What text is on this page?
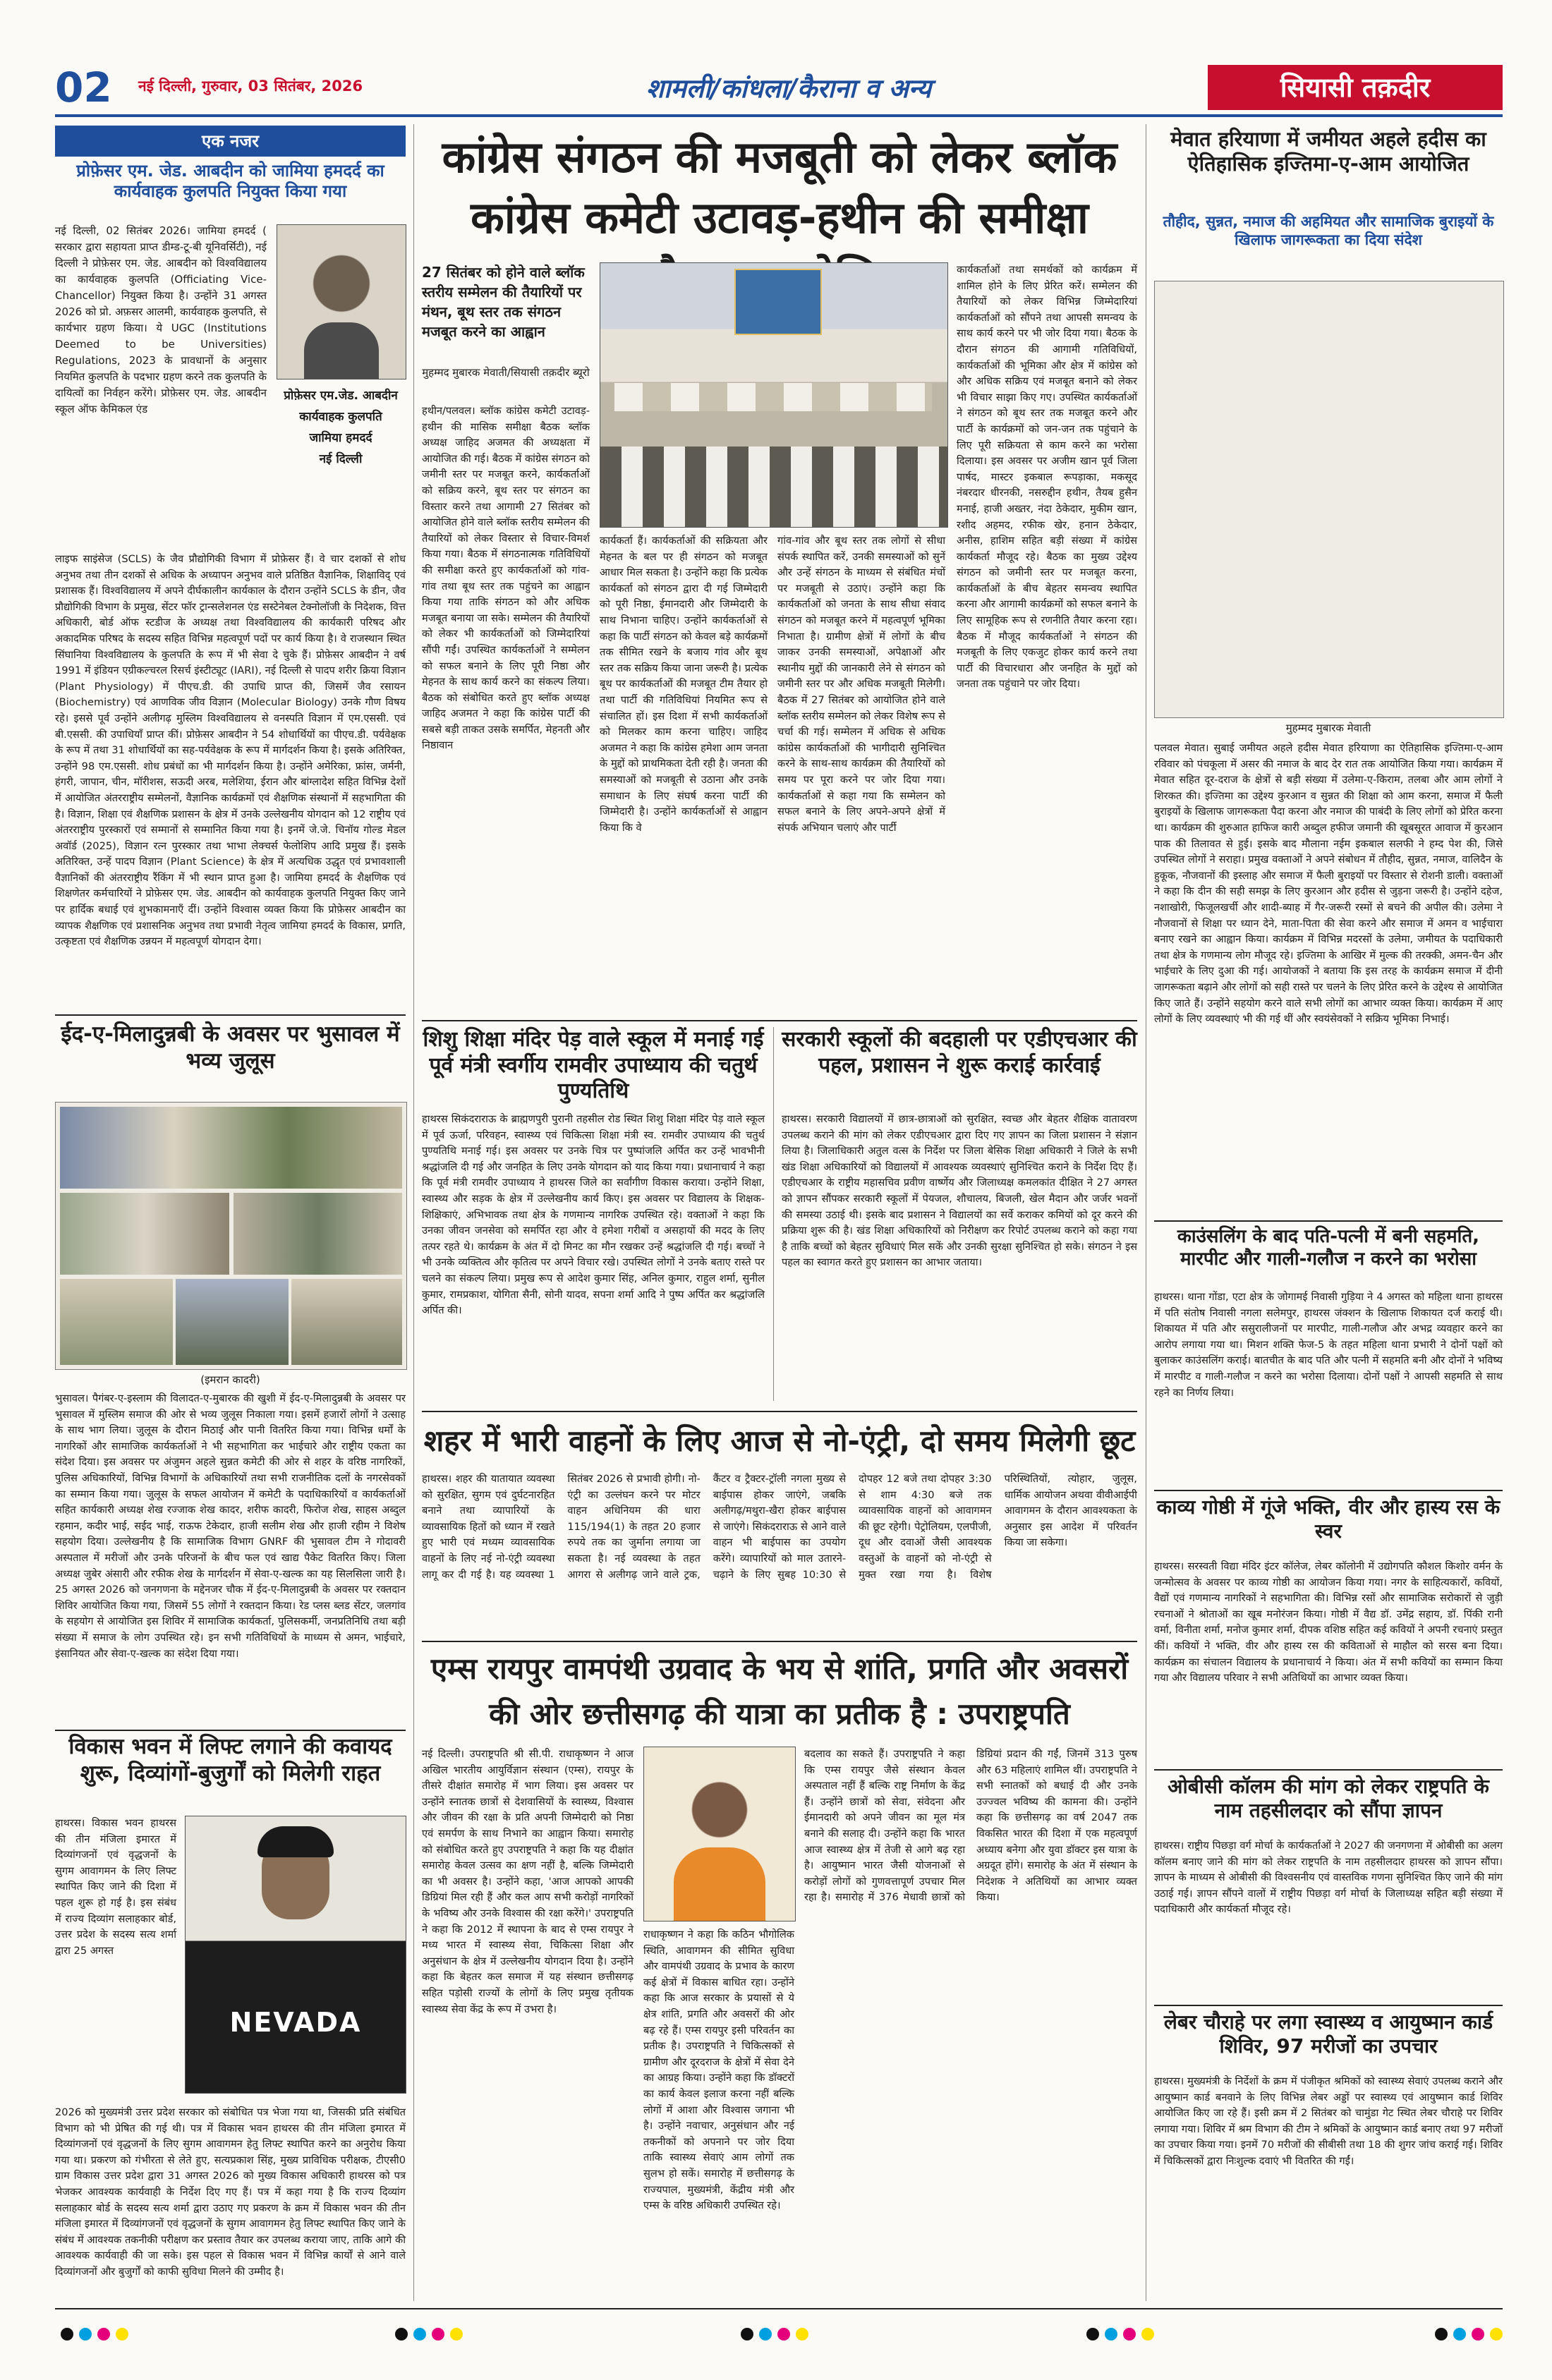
02 नई दिल्ली, गुरुवार, 03 सितंबर, 2026	शामली/कांधला/कैराना व अन्य	सियासी तक़दीर
एक नजर
प्रोफ़ेसर एम. जेड. आबदीन को जामिया हमदर्द का कार्यवाहक कुलपति नियुक्त किया गया
नई दिल्ली, 02 सितंबर 2026। जामिया हमदर्द ( सरकार द्वारा सहायता प्राप्त डीम्ड-टू-बी यूनिवर्सिटी), नई दिल्ली ने प्रोफ़ेसर एम. जेड. आबदीन को विश्वविद्यालय का कार्यवाहक कुलपति (Officiating Vice-Chancellor) नियुक्त किया है। उन्होंने 31 अगस्त 2026 को प्रो. अफ़सर आलमी, कार्यवाहक कुलपति, से कार्यभार ग्रहण किया। ये UGC (Institutions Deemed to be Universities) Regulations, 2023 के प्रावधानों के अनुसार नियमित कुलपति के पदभार ग्रहण करने तक कुलपति के दायित्वों का निर्वहन करेंगे। प्रोफ़ेसर एम. जेड. आबदीन स्कूल ऑफ केमिकल एंड
प्रोफ़ेसर एम.जेड. आबदीन
कार्यवाहक कुलपति
जामिया हमदर्द
नई दिल्ली
लाइफ साइंसेज (SCLS) के जैव प्रौद्योगिकी विभाग में प्रोफ़ेसर हैं। वे चार दशकों से शोध अनुभव तथा तीन दशकों से अधिक के अध्यापन अनुभव वाले प्रतिष्ठित वैज्ञानिक, शिक्षाविद् एवं प्रशासक हैं। विश्वविद्यालय में अपने दीर्घकालीन कार्यकाल के दौरान उन्होंने SCLS के डीन, जैव प्रौद्योगिकी विभाग के प्रमुख, सेंटर फॉर ट्रान्सलेशनल एंड सस्टेनेबल टेक्नोलॉजी के निदेशक, वित्त अधिकारी, बोर्ड ऑफ स्टडीज के अध्यक्ष तथा विश्वविद्यालय की कार्यकारी परिषद और अकादमिक परिषद के सदस्य सहित विभिन्न महत्वपूर्ण पदों पर कार्य किया है। वे राजस्थान स्थित सिंघानिया विश्वविद्यालय के कुलपति के रूप में भी सेवा दे चुके हैं। प्रोफ़ेसर आबदीन ने वर्ष 1991 में इंडियन एग्रीकल्चरल रिसर्च इंस्टीट्यूट (IARI), नई दिल्ली से पादप शरीर क्रिया विज्ञान (Plant Physiology) में पीएच.डी. की उपाधि प्राप्त की, जिसमें जैव रसायन (Biochemistry) एवं आणविक जीव विज्ञान (Molecular Biology) उनके गौण विषय रहे। इससे पूर्व उन्होंने अलीगढ़ मुस्लिम विश्वविद्यालय से वनस्पति विज्ञान में एम.एससी. एवं बी.एससी. की उपाधियाँ प्राप्त कीं। प्रोफ़ेसर आबदीन ने 54 शोधार्थियों का पीएच.डी. पर्यवेक्षक के रूप में तथा 31 शोधार्थियों का सह-पर्यवेक्षक के रूप में मार्गदर्शन किया है। इसके अतिरिक्त, उन्होंने 98 एम.एससी. शोध प्रबंधों का भी मार्गदर्शन किया है। उन्होंने अमेरिका, फ्रांस, जर्मनी, हंगरी, जापान, चीन, मॉरीशस, सऊदी अरब, मलेशिया, ईरान और बांग्लादेश सहित विभिन्न देशों में आयोजित अंतरराष्ट्रीय सम्मेलनों, वैज्ञानिक कार्यक्रमों एवं शैक्षणिक संस्थानों में सहभागिता की है। विज्ञान, शिक्षा एवं शैक्षणिक प्रशासन के क्षेत्र में उनके उल्लेखनीय योगदान को 12 राष्ट्रीय एवं अंतरराष्ट्रीय पुरस्कारों एवं सम्मानों से सम्मानित किया गया है। इनमें जे.जे. चिनॉय गोल्ड मेडल अवॉर्ड (2025), विज्ञान रत्न पुरस्कार तथा भाभा लेक्चर्स फेलोशिप आदि प्रमुख हैं। इसके अतिरिक्त, उन्हें पादप विज्ञान (Plant Science) के क्षेत्र में अत्यधिक उद्धृत एवं प्रभावशाली वैज्ञानिकों की अंतरराष्ट्रीय रैंकिंग में भी स्थान प्राप्त हुआ है। जामिया हमदर्द के शैक्षणिक एवं शिक्षणेतर कर्मचारियों ने प्रोफ़ेसर एम. जेड. आबदीन को कार्यवाहक कुलपति नियुक्त किए जाने पर हार्दिक बधाई एवं शुभकामनाएँ दीं। उन्होंने विश्वास व्यक्त किया कि प्रोफ़ेसर आबदीन का व्यापक शैक्षणिक एवं प्रशासनिक अनुभव तथा प्रभावी नेतृत्व जामिया हमदर्द के विकास, प्रगति, उत्कृष्टता एवं शैक्षणिक उन्नयन में महत्वपूर्ण योगदान देगा।
ईद-ए-मिलादुन्नबी के अवसर पर भुसावल में भव्य जुलूस
(इमरान कादरी)
भुसावल। पैगंबर-ए-इस्लाम की विलादत-ए-मुबारक की खुशी में ईद-ए-मिलादुन्नबी के अवसर पर भुसावल में मुस्लिम समाज की ओर से भव्य जुलूस निकाला गया। इसमें हजारों लोगों ने उत्साह के साथ भाग लिया। जुलूस के दौरान मिठाई और पानी वितरित किया गया। विभिन्न धर्मों के नागरिकों और सामाजिक कार्यकर्ताओं ने भी सहभागिता कर भाईचारे और राष्ट्रीय एकता का संदेश दिया। इस अवसर पर अंजुमन अहले सुन्नत कमेटी की ओर से शहर के वरिष्ठ नागरिकों, पुलिस अधिकारियों, विभिन्न विभागों के अधिकारियों तथा सभी राजनीतिक दलों के नगरसेवकों का सम्मान किया गया। जुलूस के सफल आयोजन में कमेटी के पदाधिकारियों व कार्यकर्ताओं सहित कार्यकारी अध्यक्ष शेख रज्जाक शेख कादर, शरीफ कादरी, फिरोज शेख, साहस अब्दुल रहमान, कदीर भाई, सईद भाई, राऊफ टेकेदार, हाजी सलीम शेख और हाजी रहीम ने विशेष सहयोग दिया। उल्लेखनीय है कि सामाजिक विभाग GNRF की भुसावल टीम ने गोदावरी अस्पताल में मरीजों और उनके परिजनों के बीच फल एवं खाद्य पैकेट वितरित किए। जिला अध्यक्ष जुबेर अंसारी और रफीक शेख के मार्गदर्शन में सेवा-ए-खल्क का यह सिलसिला जारी है। 25 अगस्त 2026 को जनगणना के मद्देनजर चौक में ईद-ए-मिलादुन्नबी के अवसर पर रक्तदान शिविर आयोजित किया गया, जिसमें 55 लोगों ने रक्तदान किया। रेड प्लस ब्लड सेंटर, जलगांव के सहयोग से आयोजित इस शिविर में सामाजिक कार्यकर्ता, पुलिसकर्मी, जनप्रतिनिधि तथा बड़ी संख्या में समाज के लोग उपस्थित रहे। इन सभी गतिविधियों के माध्यम से अमन, भाईचारे, इंसानियत और सेवा-ए-खल्क का संदेश दिया गया।
विकास भवन में लिफ्ट लगाने की कवायद शुरू, दिव्यांगों-बुजुर्गों को मिलेगी राहत
हाथरस। विकास भवन हाथरस की तीन मंजिला इमारत में दिव्यांगजनों एवं वृद्धजनों के सुगम आवागमन के लिए लिफ्ट स्थापित किए जाने की दिशा में पहल शुरू हो गई है। इस संबंध में राज्य दिव्यांग सलाहकार बोर्ड, उत्तर प्रदेश के सदस्य सत्य शर्मा द्वारा 25 अगस्त
NEVADA
2026 को मुख्यमंत्री उत्तर प्रदेश सरकार को संबोधित पत्र भेजा गया था, जिसकी प्रति संबंधित विभाग को भी प्रेषित की गई थी। पत्र में विकास भवन हाथरस की तीन मंजिला इमारत में दिव्यांगजनों एवं वृद्धजनों के लिए सुगम आवागमन हेतु लिफ्ट स्थापित करने का अनुरोध किया गया था। प्रकरण को गंभीरता से लेते हुए, सत्यप्रकाश सिंह, मुख्य प्राविधिक परीक्षक, टीएसी0 ग्राम विकास उत्तर प्रदेश द्वारा 31 अगस्त 2026 को मुख्य विकास अधिकारी हाथरस को पत्र भेजकर आवश्यक कार्यवाही के निर्देश दिए गए हैं। पत्र में कहा गया है कि राज्य दिव्यांग सलाहकार बोर्ड के सदस्य सत्य शर्मा द्वारा उठाए गए प्रकरण के क्रम में विकास भवन की तीन मंजिला इमारत में दिव्यांगजनों एवं वृद्धजनों के सुगम आवागमन हेतु लिफ्ट स्थापित किए जाने के संबंध में आवश्यक तकनीकी परीक्षण कर प्रस्ताव तैयार कर उपलब्ध कराया जाए, ताकि आगे की आवश्यक कार्यवाही की जा सके। इस पहल से विकास भवन में विभिन्न कार्यों से आने वाले दिव्यांगजनों और बुजुर्गों को काफी सुविधा मिलने की उम्मीद है।
कांग्रेस संगठन की मजबूती को लेकर ब्लॉक कांग्रेस कमेटी उटावड़-हथीन की समीक्षा
27 सितंबर को होने वाले ब्लॉक स्तरीय सम्मेलन की तैयारियों पर मंथन, बूथ स्तर तक संगठन मजबूत करने का आह्वान
मुहम्मद मुबारक मेवाती/सियासी तक़दीर ब्यूरो
हथीन/पलवल। ब्लॉक कांग्रेस कमेटी उटावड़-हथीन की मासिक समीक्षा बैठक ब्लॉक अध्यक्ष जाहिद अजमत की अध्यक्षता में आयोजित की गई। बैठक में कांग्रेस संगठन को जमीनी स्तर पर मजबूत करने, कार्यकर्ताओं को सक्रिय करने, बूथ स्तर पर संगठन का विस्तार करने तथा आगामी 27 सितंबर को आयोजित होने वाले ब्लॉक स्तरीय सम्मेलन की तैयारियों को लेकर विस्तार से विचार-विमर्श किया गया। बैठक में संगठनात्मक गतिविधियों की समीक्षा करते हुए कार्यकर्ताओं को गांव-गांव तथा बूथ स्तर तक पहुंचने का आह्वान किया गया ताकि संगठन को और अधिक मजबूत बनाया जा सके। सम्मेलन की तैयारियों को लेकर भी कार्यकर्ताओं को जिम्मेदारियां सौंपी गईं। उपस्थित कार्यकर्ताओं ने सम्मेलन को सफल बनाने के लिए पूरी निष्ठा और मेहनत के साथ कार्य करने का संकल्प लिया। बैठक को संबोधित करते हुए ब्लॉक अध्यक्ष जाहिद अजमत ने कहा कि कांग्रेस पार्टी की सबसे बड़ी ताकत उसके समर्पित, मेहनती और निष्ठावान
कार्यकर्ता हैं। कार्यकर्ताओं की सक्रियता और मेहनत के बल पर ही संगठन को मजबूत आधार मिल सकता है। उन्होंने कहा कि प्रत्येक कार्यकर्ता को संगठन द्वारा दी गई जिम्मेदारी को पूरी निष्ठा, ईमानदारी और जिम्मेदारी के साथ निभाना चाहिए। उन्होंने कार्यकर्ताओं से कहा कि पार्टी संगठन को केवल बड़े कार्यक्रमों तक सीमित रखने के बजाय गांव और बूथ स्तर तक सक्रिय किया जाना जरूरी है। प्रत्येक बूथ पर कार्यकर्ताओं की मजबूत टीम तैयार हो तथा पार्टी की गतिविधियां नियमित रूप से संचालित हों। इस दिशा में सभी कार्यकर्ताओं को मिलकर काम करना चाहिए। जाहिद अजमत ने कहा कि कांग्रेस हमेशा आम जनता के मुद्दों को प्राथमिकता देती रही है। जनता की समस्याओं को मजबूती से उठाना और उनके समाधान के लिए संघर्ष करना पार्टी की जिम्मेदारी है। उन्होंने कार्यकर्ताओं से आह्वान किया कि वे
गांव-गांव और बूथ स्तर तक लोगों से सीधा संपर्क स्थापित करें, उनकी समस्याओं को सुनें और उन्हें संगठन के माध्यम से संबंधित मंचों पर मजबूती से उठाएं। उन्होंने कहा कि कार्यकर्ताओं को जनता के साथ सीधा संवाद संगठन को मजबूत करने में महत्वपूर्ण भूमिका निभाता है। ग्रामीण क्षेत्रों में लोगों के बीच जाकर उनकी समस्याओं, अपेक्षाओं और स्थानीय मुद्दों की जानकारी लेने से संगठन को जमीनी स्तर पर और अधिक मजबूती मिलेगी। बैठक में 27 सितंबर को आयोजित होने वाले ब्लॉक स्तरीय सम्मेलन को लेकर विशेष रूप से चर्चा की गई। सम्मेलन में अधिक से अधिक कांग्रेस कार्यकर्ताओं की भागीदारी सुनिश्चित करने के साथ-साथ कार्यक्रम की तैयारियों को समय पर पूरा करने पर जोर दिया गया। कार्यकर्ताओं से कहा गया कि सम्मेलन को सफल बनाने के लिए अपने-अपने क्षेत्रों में संपर्क अभियान चलाएं और पार्टी
कार्यकर्ताओं तथा समर्थकों को कार्यक्रम में शामिल होने के लिए प्रेरित करें। सम्मेलन की तैयारियों को लेकर विभिन्न जिम्मेदारियां कार्यकर्ताओं को सौंपने तथा आपसी समन्वय के साथ कार्य करने पर भी जोर दिया गया। बैठक के दौरान संगठन की आगामी गतिविधियों, कार्यकर्ताओं की भूमिका और क्षेत्र में कांग्रेस को और अधिक सक्रिय एवं मजबूत बनाने को लेकर भी विचार साझा किए गए। उपस्थित कार्यकर्ताओं ने संगठन को बूथ स्तर तक मजबूत करने और पार्टी के कार्यक्रमों को जन-जन तक पहुंचाने के लिए पूरी सक्रियता से काम करने का भरोसा दिलाया। इस अवसर पर अजीम खान पूर्व जिला पार्षद, मास्टर इकबाल रूपड़ाका, मकसूद नंबरदार धीरनकी, नसरुद्दीन हथीन, तैयब हुसैन मनाई, हाजी अख्तर, नंदा ठेकेदार, मुकीम खान, रशीद अहमद, रफीक खेर, हनान ठेकेदार, अनीस, हाशिम सहित बड़ी संख्या में कांग्रेस कार्यकर्ता मौजूद रहे। बैठक का मुख्य उद्देश्य संगठन को जमीनी स्तर पर मजबूत करना, कार्यकर्ताओं के बीच बेहतर समन्वय स्थापित करना और आगामी कार्यक्रमों को सफल बनाने के लिए सामूहिक रूप से रणनीति तैयार करना रहा। बैठक में मौजूद कार्यकर्ताओं ने संगठन की मजबूती के लिए एकजुट होकर कार्य करने तथा पार्टी की विचारधारा और जनहित के मुद्दों को जनता तक पहुंचाने पर जोर दिया।
शिशु शिक्षा मंदिर पेड़ वाले स्कूल में मनाई गई पूर्व मंत्री स्वर्गीय रामवीर उपाध्याय की चतुर्थ पुण्यतिथि
हाथरस सिकंदराराऊ के ब्राह्मणपुरी पुरानी तहसील रोड स्थित शिशु शिक्षा मंदिर पेड़ वाले स्कूल में पूर्व ऊर्जा, परिवहन, स्वास्थ्य एवं चिकित्सा शिक्षा मंत्री स्व. रामवीर उपाध्याय की चतुर्थ पुण्यतिथि मनाई गई। इस अवसर पर उनके चित्र पर पुष्पांजलि अर्पित कर उन्हें भावभीनी श्रद्धांजलि दी गई और जनहित के लिए उनके योगदान को याद किया गया। प्रधानाचार्य ने कहा कि पूर्व मंत्री रामवीर उपाध्याय ने हाथरस जिले का सर्वांगीण विकास कराया। उन्होंने शिक्षा, स्वास्थ्य और सड़क के क्षेत्र में उल्लेखनीय कार्य किए। इस अवसर पर विद्यालय के शिक्षक-शिक्षिकाएं, अभिभावक तथा क्षेत्र के गणमान्य नागरिक उपस्थित रहे। वक्ताओं ने कहा कि उनका जीवन जनसेवा को समर्पित रहा और वे हमेशा गरीबों व असहायों की मदद के लिए तत्पर रहते थे। कार्यक्रम के अंत में दो मिनट का मौन रखकर उन्हें श्रद्धांजलि दी गई। बच्चों ने भी उनके व्यक्तित्व और कृतित्व पर अपने विचार रखे। उपस्थित लोगों ने उनके बताए रास्ते पर चलने का संकल्प लिया। प्रमुख रूप से आदेश कुमार सिंह, अनिल कुमार, राहुल शर्मा, सुनील कुमार, रामप्रकाश, योगिता सैनी, सोनी यादव, सपना शर्मा आदि ने पुष्प अर्पित कर श्रद्धांजलि अर्पित की।
सरकारी स्कूलों की बदहाली पर एडीएचआर की पहल, प्रशासन ने शुरू कराई कार्रवाई
हाथरस। सरकारी विद्यालयों में छात्र-छात्राओं को सुरक्षित, स्वच्छ और बेहतर शैक्षिक वातावरण उपलब्ध कराने की मांग को लेकर एडीएचआर द्वारा दिए गए ज्ञापन का जिला प्रशासन ने संज्ञान लिया है। जिलाधिकारी अतुल वत्स के निर्देश पर जिला बेसिक शिक्षा अधिकारी ने जिले के सभी खंड शिक्षा अधिकारियों को विद्यालयों में आवश्यक व्यवस्थाएं सुनिश्चित कराने के निर्देश दिए हैं। एडीएचआर के राष्ट्रीय महासचिव प्रवीण वार्ष्णेय और जिलाध्यक्ष कमलकांत दीक्षित ने 27 अगस्त को ज्ञापन सौंपकर सरकारी स्कूलों में पेयजल, शौचालय, बिजली, खेल मैदान और जर्जर भवनों की समस्या उठाई थी। इसके बाद प्रशासन ने विद्यालयों का सर्वे कराकर कमियों को दूर करने की प्रक्रिया शुरू की है। खंड शिक्षा अधिकारियों को निरीक्षण कर रिपोर्ट उपलब्ध कराने को कहा गया है ताकि बच्चों को बेहतर सुविधाएं मिल सकें और उनकी सुरक्षा सुनिश्चित हो सके। संगठन ने इस पहल का स्वागत करते हुए प्रशासन का आभार जताया।
शहर में भारी वाहनों के लिए आज से नो-एंट्री, दो समय मिलेगी छूट
हाथरस। शहर की यातायात व्यवस्था को सुरक्षित, सुगम एवं दुर्घटनारहित बनाने तथा व्यापारियों के व्यावसायिक हितों को ध्यान में रखते हुए भारी एवं मध्यम व्यावसायिक वाहनों के लिए नई नो-एंट्री व्यवस्था लागू कर दी गई है। यह व्यवस्था 1 सितंबर 2026 से प्रभावी होगी। नो-एंट्री का उल्लंघन करने पर मोटर वाहन अधिनियम की धारा 115/194(1) के तहत 20 हजार रुपये तक का जुर्माना लगाया जा सकता है। नई व्यवस्था के तहत आगरा से अलीगढ़ जाने वाले ट्रक, कैंटर व ट्रैक्टर-ट्रॉली नगला मुख्य से बाईपास होकर जाएंगे, जबकि अलीगढ़/मथुरा-खैरा होकर बाईपास से जाएंगे। सिकंदराराऊ से आने वाले वाहन भी बाईपास का उपयोग करेंगे। व्यापारियों को माल उतारने-चढ़ाने के लिए सुबह 10:30 से दोपहर 12 बजे तथा दोपहर 3:30 से शाम 4:30 बजे तक व्यावसायिक वाहनों को आवागमन की छूट रहेगी। पेट्रोलियम, एलपीजी, दूध और दवाओं जैसी आवश्यक वस्तुओं के वाहनों को नो-एंट्री से मुक्त रखा गया है। विशेष परिस्थितियों, त्योहार, जुलूस, धार्मिक आयोजन अथवा वीवीआईपी आवागमन के दौरान आवश्यकता के अनुसार इस आदेश में परिवर्तन किया जा सकेगा।
एम्स रायपुर वामपंथी उग्रवाद के भय से शांति, प्रगति और अवसरों की ओर छत्तीसगढ़ की यात्रा का प्रतीक है : उपराष्ट्रपति
नई दिल्ली। उपराष्ट्रपति श्री सी.पी. राधाकृष्णन ने आज अखिल भारतीय आयुर्विज्ञान संस्थान (एम्स), रायपुर के तीसरे दीक्षांत समारोह में भाग लिया। इस अवसर पर उन्होंने स्नातक छात्रों से देशवासियों के स्वास्थ्य, विश्वास और जीवन की रक्षा के प्रति अपनी जिम्मेदारी को निष्ठा एवं समर्पण के साथ निभाने का आह्वान किया। समारोह को संबोधित करते हुए उपराष्ट्रपति ने कहा कि यह दीक्षांत समारोह केवल उत्सव का क्षण नहीं है, बल्कि जिम्मेदारी का भी अवसर है। उन्होंने कहा, 'आज आपको आपकी डिग्रियां मिल रही हैं और कल आप सभी करोड़ों नागरिकों के भविष्य और उनके विश्वास की रक्षा करेंगे।' उपराष्ट्रपति ने कहा कि 2012 में स्थापना के बाद से एम्स रायपुर ने मध्य भारत में स्वास्थ्य सेवा, चिकित्सा शिक्षा और अनुसंधान के क्षेत्र में उल्लेखनीय योगदान दिया है। उन्होंने कहा कि बेहतर कल समाज में यह संस्थान छत्तीसगढ़ सहित पड़ोसी राज्यों के लोगों के लिए प्रमुख तृतीयक स्वास्थ्य सेवा केंद्र के रूप में उभरा है।
राधाकृष्णन ने कहा कि कठिन भौगोलिक स्थिति, आवागमन की सीमित सुविधा और वामपंथी उग्रवाद के प्रभाव के कारण कई क्षेत्रों में विकास बाधित रहा। उन्होंने कहा कि आज सरकार के प्रयासों से ये क्षेत्र शांति, प्रगति और अवसरों की ओर बढ़ रहे हैं। एम्स रायपुर इसी परिवर्तन का प्रतीक है। उपराष्ट्रपति ने चिकित्सकों से ग्रामीण और दूरदराज के क्षेत्रों में सेवा देने का आग्रह किया। उन्होंने कहा कि डॉक्टरों का कार्य केवल इलाज करना नहीं बल्कि लोगों में आशा और विश्वास जगाना भी है। उन्होंने नवाचार, अनुसंधान और नई तकनीकों को अपनाने पर जोर दिया ताकि स्वास्थ्य सेवाएं आम लोगों तक सुलभ हो सकें। समारोह में छत्तीसगढ़ के राज्यपाल, मुख्यमंत्री, केंद्रीय मंत्री और एम्स के वरिष्ठ अधिकारी उपस्थित रहे।
बदलाव का सकते हैं। उपराष्ट्रपति ने कहा कि एम्स रायपुर जैसे संस्थान केवल अस्पताल नहीं हैं बल्कि राष्ट्र निर्माण के केंद्र हैं। उन्होंने छात्रों को सेवा, संवेदना और ईमानदारी को अपने जीवन का मूल मंत्र बनाने की सलाह दी। उन्होंने कहा कि भारत आज स्वास्थ्य क्षेत्र में तेजी से आगे बढ़ रहा है। आयुष्मान भारत जैसी योजनाओं से करोड़ों लोगों को गुणवत्तापूर्ण उपचार मिल रहा है। समारोह में 376 मेधावी छात्रों को डिग्रियां प्रदान की गईं, जिनमें 313 पुरुष और 63 महिलाएं शामिल थीं। उपराष्ट्रपति ने सभी स्नातकों को बधाई दी और उनके उज्ज्वल भविष्य की कामना की। उन्होंने कहा कि छत्तीसगढ़ का वर्ष 2047 तक विकसित भारत की दिशा में एक महत्वपूर्ण अध्याय बनेगा और युवा डॉक्टर इस यात्रा के अग्रदूत होंगे। समारोह के अंत में संस्थान के निदेशक ने अतिथियों का आभार व्यक्त किया।
मेवात हरियाणा में जमीयत अहले हदीस का ऐतिहासिक इज्तिमा-ए-आम आयोजित
तौहीद, सुन्नत, नमाज की अहमियत और सामाजिक बुराइयों के खिलाफ जागरूकता का दिया संदेश
मुहम्मद मुबारक मेवाती
पलवल मेवात। सुबाई जमीयत अहले हदीस मेवात हरियाणा का ऐतिहासिक इज्तिमा-ए-आम रविवार को पंचकूला में असर की नमाज के बाद देर रात तक आयोजित किया गया। कार्यक्रम में मेवात सहित दूर-दराज के क्षेत्रों से बड़ी संख्या में उलेमा-ए-किराम, तलबा और आम लोगों ने शिरकत की। इज्तिमा का उद्देश्य कुरआन व सुन्नत की शिक्षा को आम करना, समाज में फैली बुराइयों के खिलाफ जागरूकता पैदा करना और नमाज की पाबंदी के लिए लोगों को प्रेरित करना था। कार्यक्रम की शुरुआत हाफिज कारी अब्दुल हफीज जमानी की खूबसूरत आवाज में कुरआन पाक की तिलावत से हुई। इसके बाद मौलाना नईम इकबाल सलफी ने हम्द पेश की, जिसे उपस्थित लोगों ने सराहा। प्रमुख वक्ताओं ने अपने संबोधन में तौहीद, सुन्नत, नमाज, वालिदैन के हुकूक, नौजवानों की इस्लाह और समाज में फैली बुराइयों पर विस्तार से रोशनी डाली। वक्ताओं ने कहा कि दीन की सही समझ के लिए कुरआन और हदीस से जुड़ना जरूरी है। उन्होंने दहेज, नशाखोरी, फिजूलखर्ची और शादी-ब्याह में गैर-जरूरी रस्मों से बचने की अपील की। उलेमा ने नौजवानों से शिक्षा पर ध्यान देने, माता-पिता की सेवा करने और समाज में अमन व भाईचारा बनाए रखने का आह्वान किया। कार्यक्रम में विभिन्न मदरसों के उलेमा, जमीयत के पदाधिकारी तथा क्षेत्र के गणमान्य लोग मौजूद रहे। इज्तिमा के आखिर में मुल्क की तरक्की, अमन-चैन और भाईचारे के लिए दुआ की गई। आयोजकों ने बताया कि इस तरह के कार्यक्रम समाज में दीनी जागरूकता बढ़ाने और लोगों को सही रास्ते पर चलने के लिए प्रेरित करने के उद्देश्य से आयोजित किए जाते हैं। उन्होंने सहयोग करने वाले सभी लोगों का आभार व्यक्त किया। कार्यक्रम में आए लोगों के लिए व्यवस्थाएं भी की गई थीं और स्वयंसेवकों ने सक्रिय भूमिका निभाई।
काउंसलिंग के बाद पति-पत्नी में बनी सहमति, मारपीट और गाली-गलौज न करने का भरोसा
हाथरस। थाना गोंडा, एटा क्षेत्र के जोगामई निवासी गुड़िया ने 4 अगस्त को महिला थाना हाथरस में पति संतोष निवासी नगला सलेमपुर, हाथरस जंक्शन के खिलाफ शिकायत दर्ज कराई थी। शिकायत में पति और ससुरालीजनों पर मारपीट, गाली-गलौज और अभद्र व्यवहार करने का आरोप लगाया गया था। मिशन शक्ति फेज-5 के तहत महिला थाना प्रभारी ने दोनों पक्षों को बुलाकर काउंसलिंग कराई। बातचीत के बाद पति और पत्नी में सहमति बनी और दोनों ने भविष्य में मारपीट व गाली-गलौज न करने का भरोसा दिलाया। दोनों पक्षों ने आपसी सहमति से साथ रहने का निर्णय लिया।
काव्य गोष्ठी में गूंजे भक्ति, वीर और हास्य रस के स्वर
हाथरस। सरस्वती विद्या मंदिर इंटर कॉलेज, लेबर कॉलोनी में उद्योगपति कौशल किशोर वर्मन के जन्मोत्सव के अवसर पर काव्य गोष्ठी का आयोजन किया गया। नगर के साहित्यकारों, कवियों, वैद्यों एवं गणमान्य नागरिकों ने सहभागिता की। विभिन्न रसों और सामाजिक सरोकारों से जुड़ी रचनाओं ने श्रोताओं का खूब मनोरंजन किया। गोष्ठी में वैद्य डॉ. उमेंद्र सहाय, डॉ. पिंकी रानी वर्मा, विनीता शर्मा, मनोज कुमार शर्मा, दीपक वशिष्ठ सहित कई कवियों ने अपनी रचनाएं प्रस्तुत कीं। कवियों ने भक्ति, वीर और हास्य रस की कविताओं से माहौल को सरस बना दिया। कार्यक्रम का संचालन विद्यालय के प्रधानाचार्य ने किया। अंत में सभी कवियों का सम्मान किया गया और विद्यालय परिवार ने सभी अतिथियों का आभार व्यक्त किया।
ओबीसी कॉलम की मांग को लेकर राष्ट्रपति के नाम तहसीलदार को सौंपा ज्ञापन
हाथरस। राष्ट्रीय पिछड़ा वर्ग मोर्चा के कार्यकर्ताओं ने 2027 की जनगणना में ओबीसी का अलग कॉलम बनाए जाने की मांग को लेकर राष्ट्रपति के नाम तहसीलदार हाथरस को ज्ञापन सौंपा। ज्ञापन के माध्यम से ओबीसी की विश्वसनीय एवं वास्तविक गणना सुनिश्चित किए जाने की मांग उठाई गई। ज्ञापन सौंपने वालों में राष्ट्रीय पिछड़ा वर्ग मोर्चा के जिलाध्यक्ष सहित बड़ी संख्या में पदाधिकारी और कार्यकर्ता मौजूद रहे।
लेबर चौराहे पर लगा स्वास्थ्य व आयुष्मान कार्ड शिविर, 97 मरीजों का उपचार
हाथरस। मुख्यमंत्री के निर्देशों के क्रम में पंजीकृत श्रमिकों को स्वास्थ्य सेवाएं उपलब्ध कराने और आयुष्मान कार्ड बनवाने के लिए विभिन्न लेबर अड्डों पर स्वास्थ्य एवं आयुष्मान कार्ड शिविर आयोजित किए जा रहे हैं। इसी क्रम में 2 सितंबर को चामुंडा गेट स्थित लेबर चौराहे पर शिविर लगाया गया। शिविर में श्रम विभाग की टीम ने श्रमिकों के आयुष्मान कार्ड बनाए तथा 97 मरीजों का उपचार किया गया। इनमें 70 मरीजों की सीबीसी तथा 18 की शुगर जांच कराई गई। शिविर में चिकित्सकों द्वारा निःशुल्क दवाएं भी वितरित की गईं।
